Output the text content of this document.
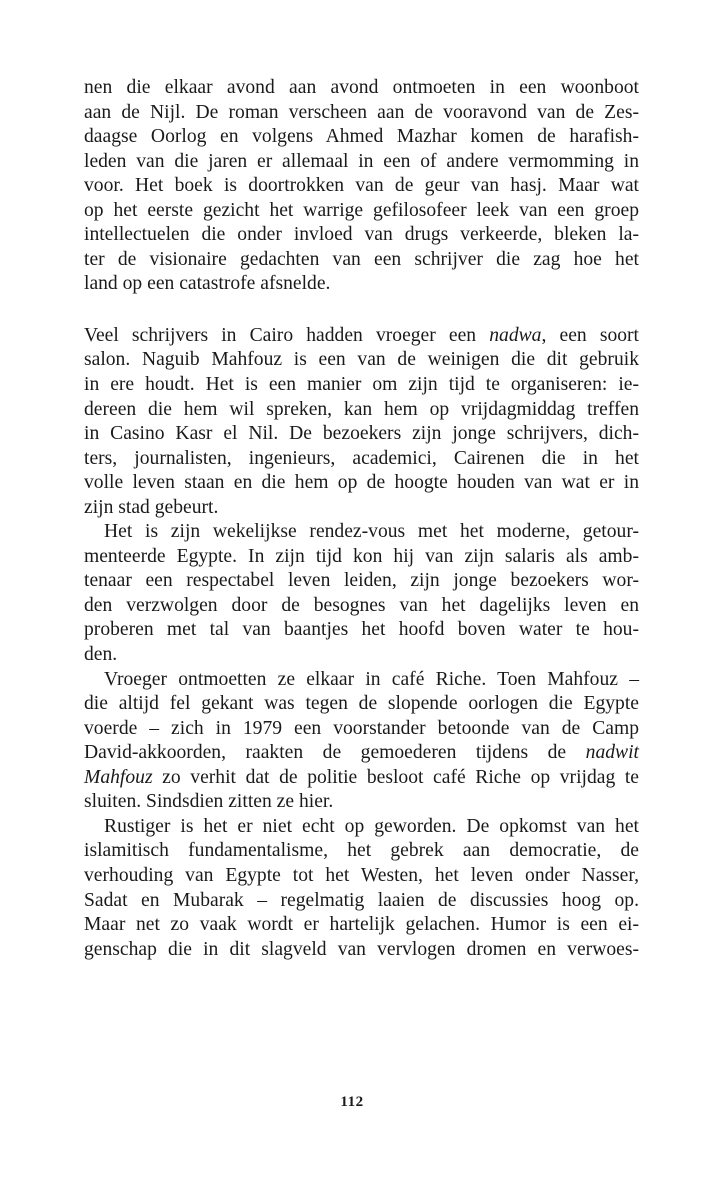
nen die elkaar avond aan avond ontmoeten in een woonboot
aan de Nijl. De roman verscheen aan de vooravond van de Zes-
daagse Oorlog en volgens Ahmed Mazhar komen de harafish-
leden van die jaren er allemaal in een of andere vermomming in
voor. Het boek is doortrokken van de geur van hasj. Maar wat
op het eerste gezicht het warrige gefilosofeer leek van een groep
intellectuelen die onder invloed van drugs verkeerde, bleken la-
ter de visionaire gedachten van een schrijver die zag hoe het
land op een catastrofe afsnelde.

Veel schrijvers in Cairo hadden vroeger een nadwa, een soort
salon. Naguib Mahfouz is een van de weinigen die dit gebruik
in ere houdt. Het is een manier om zijn tijd te organiseren: ie-
dereen die hem wil spreken, kan hem op vrijdagmiddag treffen
in Casino Kasr el Nil. De bezoekers zijn jonge schrijvers, dich-
ters, journalisten, ingenieurs, academici, Cairenen die in het
volle leven staan en die hem op de hoogte houden van wat er in
zijn stad gebeurt.

Het is zijn wekelijkse rendez-vous met het moderne, getour-
menteerde Egypte. In zijn tijd kon hij van zijn salaris als amb-
tenaar een respectabel leven leiden, zijn jonge bezoekers wor-
den verzwolgen door de besognes van het dagelijks leven en
proberen met tal van baantjes het hoofd boven water te hou-
den.

Vroeger ontmoetten ze elkaar in café Riche. Toen Mahfouz –
die altijd fel gekant was tegen de slopende oorlogen die Egypte
voerde – zich in 1979 een voorstander betoonde van de Camp
David-akkoorden, raakten de gemoederen tijdens de nadwit
Mahfouz zo verhit dat de politie besloot café Riche op vrijdag te
sluiten. Sindsdien zitten ze hier.

Rustiger is het er niet echt op geworden. De opkomst van het
islamitisch fundamentalisme, het gebrek aan democratie, de
verhouding van Egypte tot het Westen, het leven onder Nasser,
Sadat en Mubarak – regelmatig laaien de discussies hoog op.
Maar net zo vaak wordt er hartelijk gelachen. Humor is een ei-
genschap die in dit slagveld van vervlogen dromen en verwoes-

112
